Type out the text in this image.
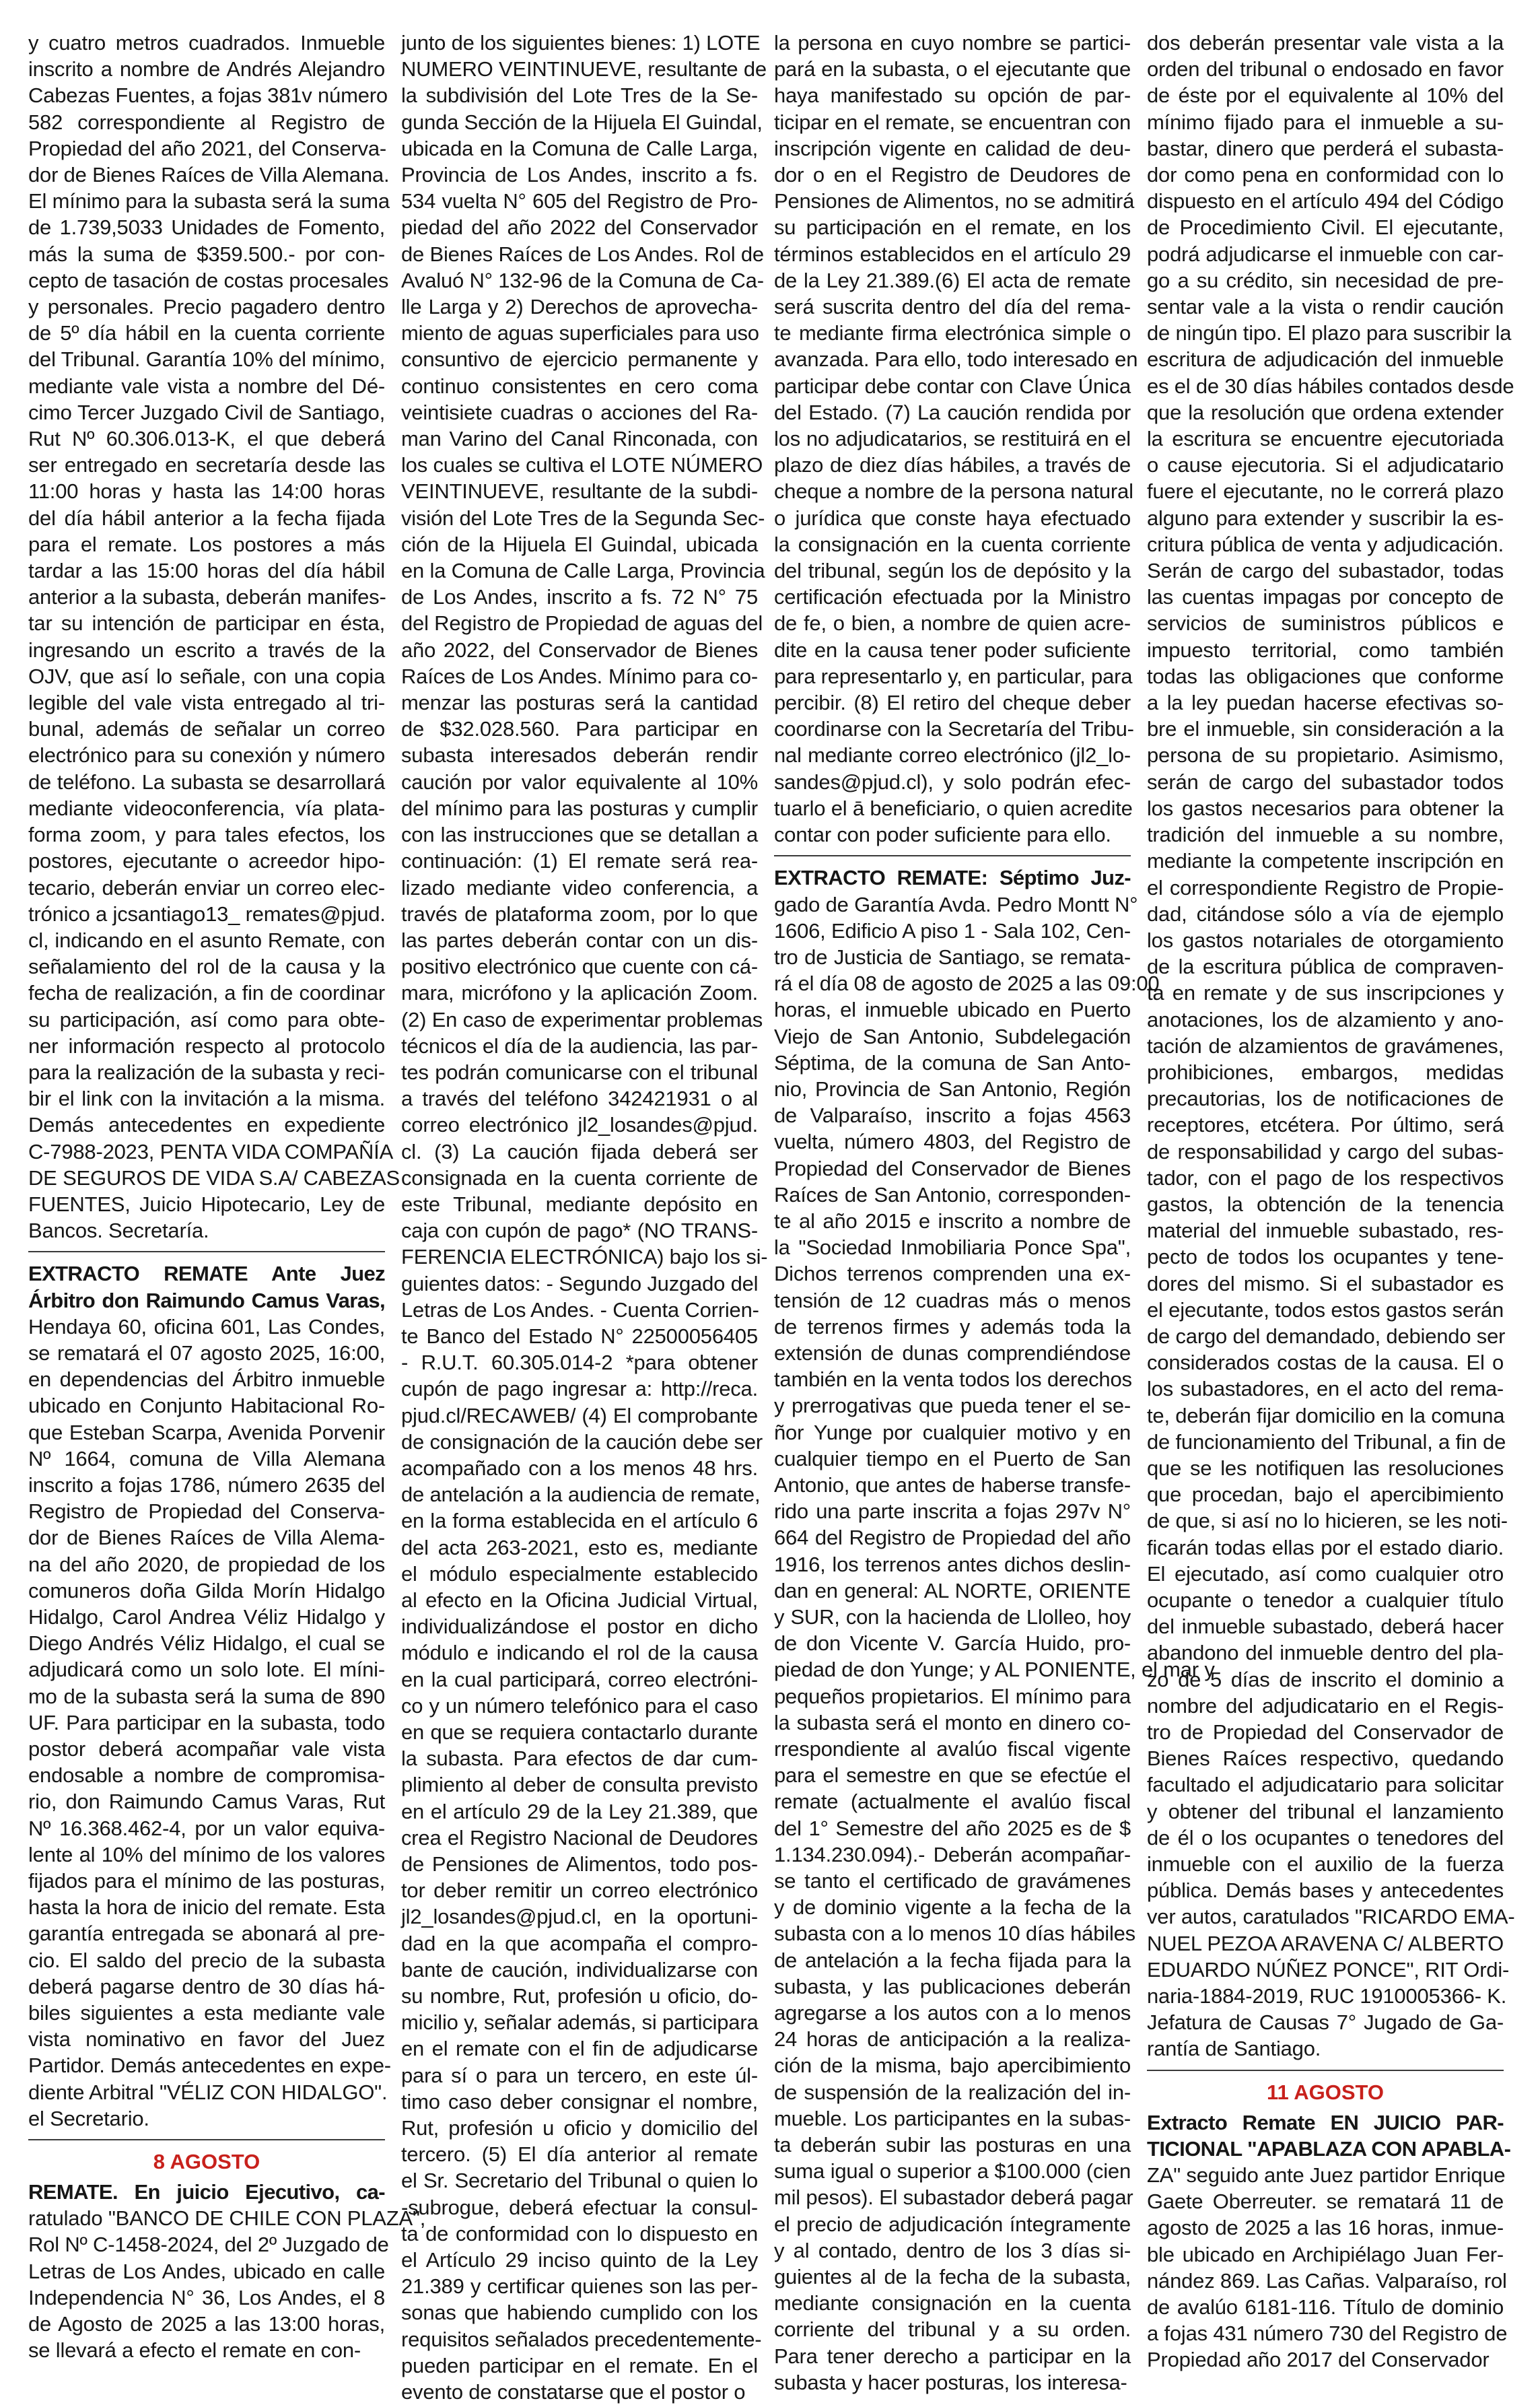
y cuatro metros cuadrados. Inmueble
inscrito a nombre de Andrés Alejandro
Cabezas Fuentes, a fojas 381v número
582 correspondiente al Registro de
Propiedad del año 2021, del Conserva-
dor de Bienes Raíces de Villa Alemana.
El mínimo para la subasta será la suma
de 1.739,5033 Unidades de Fomento,
más la suma de $359.500.- por con-
cepto de tasación de costas procesales
y personales. Precio pagadero dentro
de 5º día hábil en la cuenta corriente
del Tribunal. Garantía 10% del mínimo,
mediante vale vista a nombre del Dé-
cimo Tercer Juzgado Civil de Santiago,
Rut Nº 60.306.013-K, el que deberá
ser entregado en secretaría desde las
11:00 horas y hasta las 14:00 horas
del día hábil anterior a la fecha fijada
para el remate. Los postores a más
tardar a las 15:00 horas del día hábil
anterior a la subasta, deberán manifes-
tar su intención de participar en ésta,
ingresando un escrito a través de la
OJV, que así lo señale, con una copia
legible del vale vista entregado al tri-
bunal, además de señalar un correo
electrónico para su conexión y número
de teléfono. La subasta se desarrollará
mediante videoconferencia, vía plata-
forma zoom, y para tales efectos, los
postores, ejecutante o acreedor hipo-
tecario, deberán enviar un correo elec-
trónico a jcsantiago13_ remates@pjud.
cl, indicando en el asunto Remate, con
señalamiento del rol de la causa y la
fecha de realización, a fin de coordinar
su participación, así como para obte-
ner información respecto al protocolo
para la realización de la subasta y reci-
bir el link con la invitación a la misma.
Demás antecedentes en expediente
C-7988-2023, PENTA VIDA COMPAÑÍA
DE SEGUROS DE VIDA S.A/ CABEZAS
FUENTES, Juicio Hipotecario, Ley de
Bancos. Secretaría.
EXTRACTO REMATE Ante Juez
Árbitro don Raimundo Camus Varas,
Hendaya 60, oficina 601, Las Condes,
se rematará el 07 agosto 2025, 16:00,
en dependencias del Árbitro inmueble
ubicado en Conjunto Habitacional Ro-
que Esteban Scarpa, Avenida Porvenir
Nº 1664, comuna de Villa Alemana
inscrito a fojas 1786, número 2635 del
Registro de Propiedad del Conserva-
dor de Bienes Raíces de Villa Alema-
na del año 2020, de propiedad de los
comuneros doña Gilda Morín Hidalgo
Hidalgo, Carol Andrea Véliz Hidalgo y
Diego Andrés Véliz Hidalgo, el cual se
adjudicará como un solo lote. El míni-
mo de la subasta será la suma de 890
UF. Para participar en la subasta, todo
postor deberá acompañar vale vista
endosable a nombre de compromisa-
rio, don Raimundo Camus Varas, Rut
Nº 16.368.462-4, por un valor equiva-
lente al 10% del mínimo de los valores
fijados para el mínimo de las posturas,
hasta la hora de inicio del remate. Esta
garantía entregada se abonará al pre-
cio. El saldo del precio de la subasta
deberá pagarse dentro de 30 días há-
biles siguientes a esta mediante vale
vista nominativo en favor del Juez
Partidor. Demás antecedentes en expe-
diente Arbitral "VÉLIZ CON HIDALGO".
el Secretario.
8 AGOSTO
REMATE. En juicio Ejecutivo, ca-
ratulado "BANCO DE CHILE CON PLAZA",
Rol Nº C-1458-2024, del 2º Juzgado de
Letras de Los Andes, ubicado en calle
Independencia N° 36, Los Andes, el 8
de Agosto de 2025 a las 13:00 horas,
se llevará a efecto el remate en con-
junto de los siguientes bienes: 1) LOTE
NUMERO VEINTINUEVE, resultante de
la subdivisión del Lote Tres de la Se-
gunda Sección de la Hijuela El Guindal,
ubicada en la Comuna de Calle Larga,
Provincia de Los Andes, inscrito a fs.
534 vuelta N° 605 del Registro de Pro-
piedad del año 2022 del Conservador
de Bienes Raíces de Los Andes. Rol de
Avaluó N° 132-96 de la Comuna de Ca-
lle Larga y 2) Derechos de aprovecha-
miento de aguas superficiales para uso
consuntivo de ejercicio permanente y
continuo consistentes en cero coma
veintisiete cuadras o acciones del Ra-
man Varino del Canal Rinconada, con
los cuales se cultiva el LOTE NÚMERO
VEINTINUEVE, resultante de la subdi-
visión del Lote Tres de la Segunda Sec-
ción de la Hijuela El Guindal, ubicada
en la Comuna de Calle Larga, Provincia
de Los Andes, inscrito a fs. 72 N° 75
del Registro de Propiedad de aguas del
año 2022, del Conservador de Bienes
Raíces de Los Andes. Mínimo para co-
menzar las posturas será la cantidad
de $32.028.560. Para participar en
subasta interesados deberán rendir
caución por valor equivalente al 10%
del mínimo para las posturas y cumplir
con las instrucciones que se detallan a
continuación: (1) El remate será rea-
lizado mediante video conferencia, a
través de plataforma zoom, por lo que
las partes deberán contar con un dis-
positivo electrónico que cuente con cá-
mara, micrófono y la aplicación Zoom.
(2) En caso de experimentar problemas
técnicos el día de la audiencia, las par-
tes podrán comunicarse con el tribunal
a través del teléfono 342421931 o al
correo electrónico jl2_losandes@pjud.
cl. (3) La caución fijada deberá ser
consignada en la cuenta corriente de
este Tribunal, mediante depósito en
caja con cupón de pago* (NO TRANS-
FERENCIA ELECTRÓNICA) bajo los si-
guientes datos: - Segundo Juzgado del
Letras de Los Andes. - Cuenta Corrien-
te Banco del Estado N° 22500056405
- R.U.T. 60.305.014-2 *para obtener
cupón de pago ingresar a: http://reca.
pjud.cl/RECAWEB/ (4) El comprobante
de consignación de la caución debe ser
acompañado con a los menos 48 hrs.
de antelación a la audiencia de remate,
en la forma establecida en el artículo 6
del acta 263-2021, esto es, mediante
el módulo especialmente establecido
al efecto en la Oficina Judicial Virtual,
individualizándose el postor en dicho
módulo e indicando el rol de la causa
en la cual participará, correo electróni-
co y un número telefónico para el caso
en que se requiera contactarlo durante
la subasta. Para efectos de dar cum-
plimiento al deber de consulta previsto
en el artículo 29 de la Ley 21.389, que
crea el Registro Nacional de Deudores
de Pensiones de Alimentos, todo pos-
tor deber remitir un correo electrónico
jl2_losandes@pjud.cl, en la oportuni-
dad en la que acompaña el compro-
bante de caución, individualizarse con
su nombre, Rut, profesión u oficio, do-
micilio y, señalar además, si participara
en el remate con el fin de adjudicarse
para sí o para un tercero, en este úl-
timo caso deber consignar el nombre,
Rut, profesión u oficio y domicilio del
tercero. (5) El día anterior al remate
el Sr. Secretario del Tribunal o quien lo
-subrogue, deberá efectuar la consul-
ta de conformidad con lo dispuesto en
el Artículo 29 inciso quinto de la Ley
21.389 y certificar quienes son las per-
sonas que habiendo cumplido con los
requisitos señalados precedentemente-
pueden participar en el remate. En el
evento de constatarse que el postor o
la persona en cuyo nombre se partici-
pará en la subasta, o el ejecutante que
haya manifestado su opción de par-
ticipar en el remate, se encuentran con
inscripción vigente en calidad de deu-
dor o en el Registro de Deudores de
Pensiones de Alimentos, no se admitirá
su participación en el remate, en los
términos establecidos en el artículo 29
de la Ley 21.389.(6) El acta de remate
será suscrita dentro del día del rema-
te mediante firma electrónica simple o
avanzada. Para ello, todo interesado en
participar debe contar con Clave Única
del Estado. (7) La caución rendida por
los no adjudicatarios, se restituirá en el
plazo de diez días hábiles, a través de
cheque a nombre de la persona natural
o jurídica que conste haya efectuado
la consignación en la cuenta corriente
del tribunal, según los de depósito y la
certificación efectuada por la Ministro
de fe, o bien, a nombre de quien acre-
dite en la causa tener poder suficiente
para representarlo y, en particular, para
percibir. (8) El retiro del cheque deber
coordinarse con la Secretaría del Tribu-
nal mediante correo electrónico (jl2_lo-
sandes@pjud.cl), y solo podrán efec-
tuarlo el ā beneficiario, o quien acredite
contar con poder suficiente para ello.
EXTRACTO REMATE: Séptimo Juz-
gado de Garantía Avda. Pedro Montt N°
1606, Edificio A piso 1 - Sala 102, Cen-
tro de Justicia de Santiago, se remata-
rá el día 08 de agosto de 2025 a las 09:00
horas, el inmueble ubicado en Puerto
Viejo de San Antonio, Subdelegación
Séptima, de la comuna de San Anto-
nio, Provincia de San Antonio, Región
de Valparaíso, inscrito a fojas 4563
vuelta, número 4803, del Registro de
Propiedad del Conservador de Bienes
Raíces de San Antonio, corresponden-
te al año 2015 e inscrito a nombre de
la "Sociedad Inmobiliaria Ponce Spa",
Dichos terrenos comprenden una ex-
tensión de 12 cuadras más o menos
de terrenos firmes y además toda la
extensión de dunas comprendiéndose
también en la venta todos los derechos
y prerrogativas que pueda tener el se-
ñor Yunge por cualquier motivo y en
cualquier tiempo en el Puerto de San
Antonio, que antes de haberse transfe-
rido una parte inscrita a fojas 297v N°
664 del Registro de Propiedad del año
1916, los terrenos antes dichos deslin-
dan en general: AL NORTE, ORIENTE
y SUR, con la hacienda de Llolleo, hoy
de don Vicente V. García Huido, pro-
piedad de don Yunge; y AL PONIENTE, el mar y
pequeños propietarios. El mínimo para
la subasta será el monto en dinero co-
rrespondiente al avalúo fiscal vigente
para el semestre en que se efectúe el
remate (actualmente el avalúo fiscal
del 1° Semestre del año 2025 es de $
1.134.230.094).- Deberán acompañar-
se tanto el certificado de gravámenes
y de dominio vigente a la fecha de la
subasta con a lo menos 10 días hábiles
de antelación a la fecha fijada para la
subasta, y las publicaciones deberán
agregarse a los autos con a lo menos
24 horas de anticipación a la realiza-
ción de la misma, bajo apercibimiento
de suspensión de la realización del in-
mueble. Los participantes en la subas-
ta deberán subir las posturas en una
suma igual o superior a $100.000 (cien
mil pesos). El subastador deberá pagar
el precio de adjudicación íntegramente
y al contado, dentro de los 3 días si-
guientes al de la fecha de la subasta,
mediante consignación en la cuenta
corriente del tribunal y a su orden.
Para tener derecho a participar en la
subasta y hacer posturas, los interesa-
dos deberán presentar vale vista a la
orden del tribunal o endosado en favor
de éste por el equivalente al 10% del
mínimo fijado para el inmueble a su-
bastar, dinero que perderá el subasta-
dor como pena en conformidad con lo
dispuesto en el artículo 494 del Código
de Procedimiento Civil. El ejecutante,
podrá adjudicarse el inmueble con car-
go a su crédito, sin necesidad de pre-
sentar vale a la vista o rendir caución
de ningún tipo. El plazo para suscribir la
escritura de adjudicación del inmueble
es el de 30 días hábiles contados desde
que la resolución que ordena extender
la escritura se encuentre ejecutoriada
o cause ejecutoria. Si el adjudicatario
fuere el ejecutante, no le correrá plazo
alguno para extender y suscribir la es-
critura pública de venta y adjudicación.
Serán de cargo del subastador, todas
las cuentas impagas por concepto de
servicios de suministros públicos e
impuesto territorial, como también
todas las obligaciones que conforme
a la ley puedan hacerse efectivas so-
bre el inmueble, sin consideración a la
persona de su propietario. Asimismo,
serán de cargo del subastador todos
los gastos necesarios para obtener la
tradición del inmueble a su nombre,
mediante la competente inscripción en
el correspondiente Registro de Propie-
dad, citándose sólo a vía de ejemplo
los gastos notariales de otorgamiento
de la escritura pública de compraven-
ta en remate y de sus inscripciones y
anotaciones, los de alzamiento y ano-
tación de alzamientos de gravámenes,
prohibiciones, embargos, medidas
precautorias, los de notificaciones de
receptores, etcétera. Por último, será
de responsabilidad y cargo del subas-
tador, con el pago de los respectivos
gastos, la obtención de la tenencia
material del inmueble subastado, res-
pecto de todos los ocupantes y tene-
dores del mismo. Si el subastador es
el ejecutante, todos estos gastos serán
de cargo del demandado, debiendo ser
considerados costas de la causa. El o
los subastadores, en el acto del rema-
te, deberán fijar domicilio en la comuna
de funcionamiento del Tribunal, a fin de
que se les notifiquen las resoluciones
que procedan, bajo el apercibimiento
de que, si así no lo hicieren, se les noti-
ficarán todas ellas por el estado diario.
El ejecutado, así como cualquier otro
ocupante o tenedor a cualquier título
del inmueble subastado, deberá hacer
abandono del inmueble dentro del pla-
zo de 5 días de inscrito el dominio a
nombre del adjudicatario en el Regis-
tro de Propiedad del Conservador de
Bienes Raíces respectivo, quedando
facultado el adjudicatario para solicitar
y obtener del tribunal el lanzamiento
de él o los ocupantes o tenedores del
inmueble con el auxilio de la fuerza
pública. Demás bases y antecedentes
ver autos, caratulados "RICARDO EMA-
NUEL PEZOA ARAVENA C/ ALBERTO
EDUARDO NÚÑEZ PONCE", RIT Ordi-
naria-1884-2019, RUC 1910005366- K.
Jefatura de Causas 7° Jugado de Ga-
rantía de Santiago.
11 AGOSTO
Extracto Remate EN JUICIO PAR-
TICIONAL "APABLAZA CON APABLA-
ZA" seguido ante Juez partidor Enrique
Gaete Oberreuter. se rematará 11 de
agosto de 2025 a las 16 horas, inmue-
ble ubicado en Archipiélago Juan Fer-
nández 869. Las Cañas. Valparaíso, rol
de avalúo 6181-116. Título de dominio
a fojas 431 número 730 del Registro de
Propiedad año 2017 del Conservador
